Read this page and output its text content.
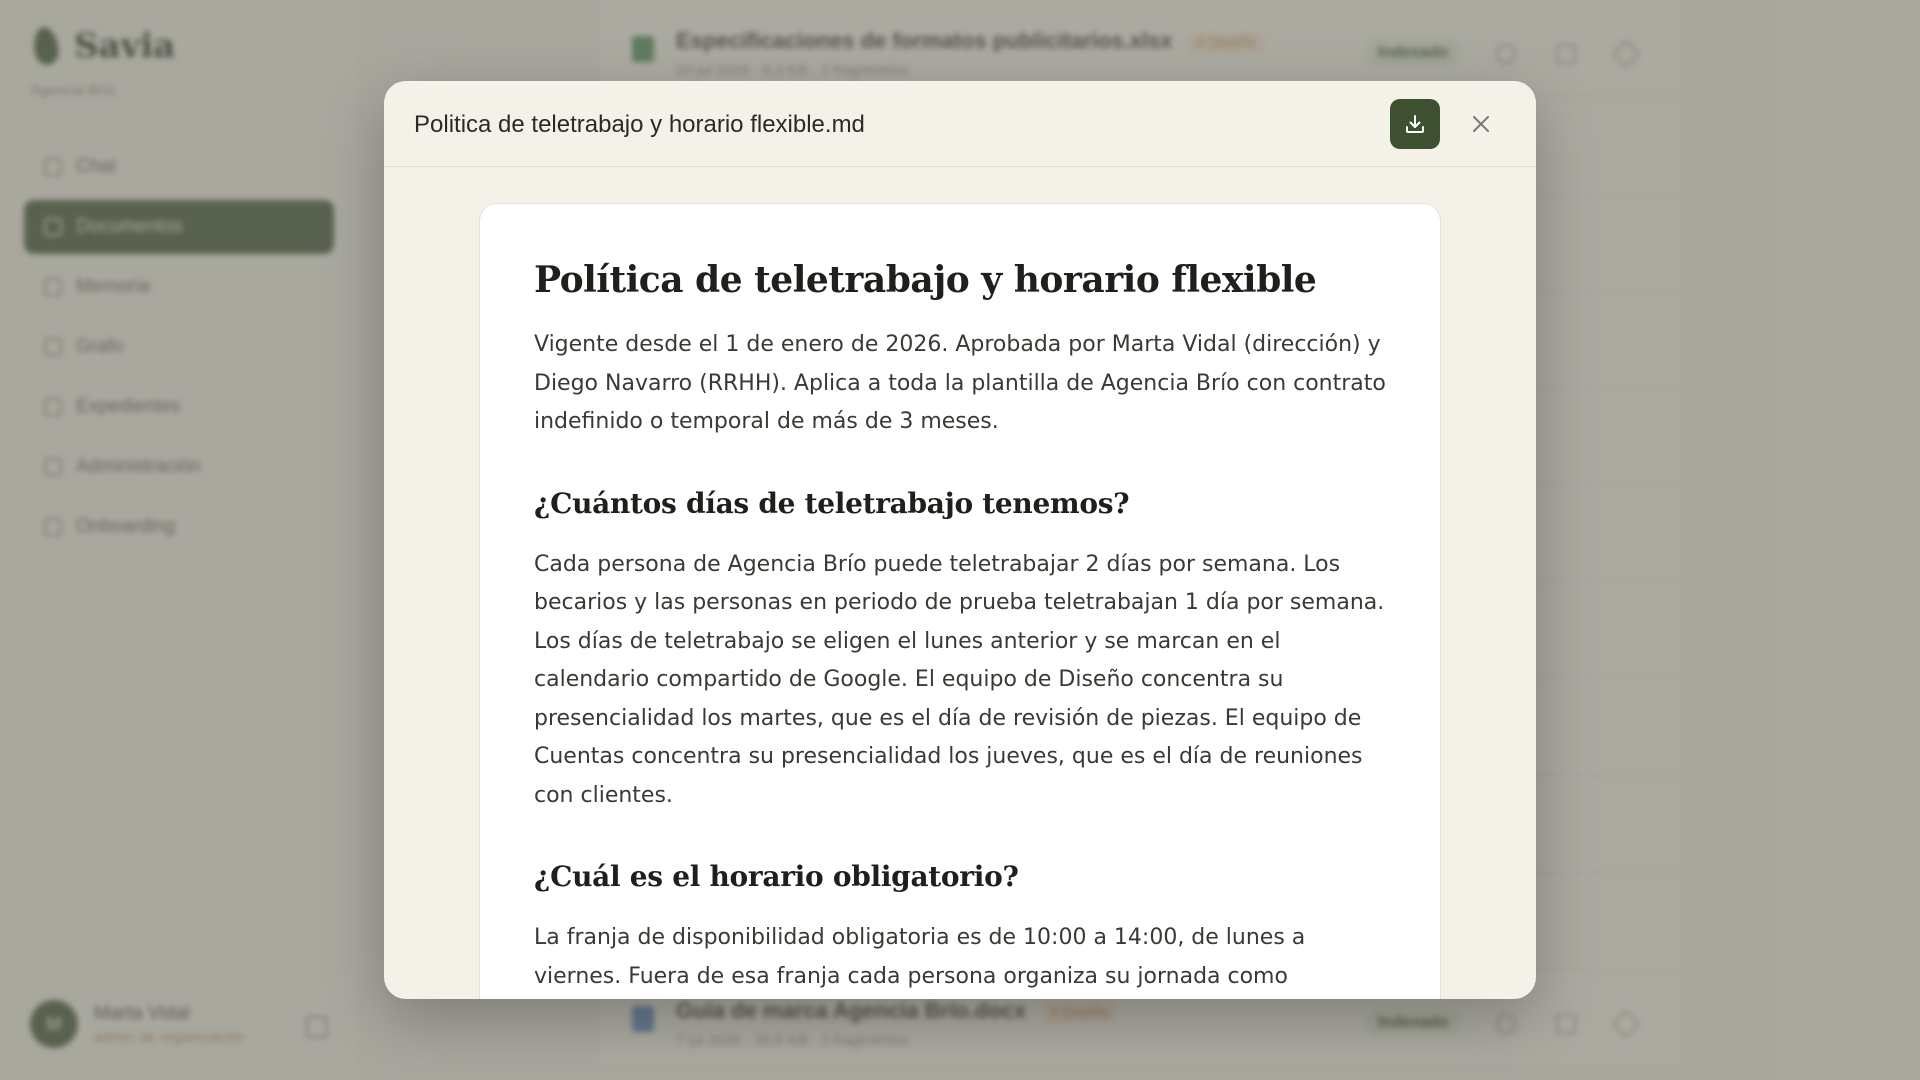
Politica de teletrabajo y horario flexible.md
Política de teletrabajo y horario flexible

Vigente desde el 1 de enero de 2026. Aprobada por Marta Vidal (dirección) y Diego Navarro (RRHH). Aplica a toda la plantilla de Agencia Brío con contrato indefinido o temporal de más de 3 meses.

¿Cuántos días de teletrabajo tenemos?

Cada persona de Agencia Brío puede teletrabajar 2 días por semana. Los becarios y las personas en periodo de prueba teletrabajan 1 día por semana. Los días de teletrabajo se eligen el lunes anterior y se marcan en el calendario compartido de Google. El equipo de Diseño concentra su presencialidad los martes, que es el día de revisión de piezas. El equipo de Cuentas concentra su presencialidad los jueves, que es el día de reuniones con clientes.

¿Cuál es el horario obligatorio?

La franja de disponibilidad obligatoria es de 10:00 a 14:00, de lunes a viernes. Fuera de esa franja cada persona organiza su jornada como
